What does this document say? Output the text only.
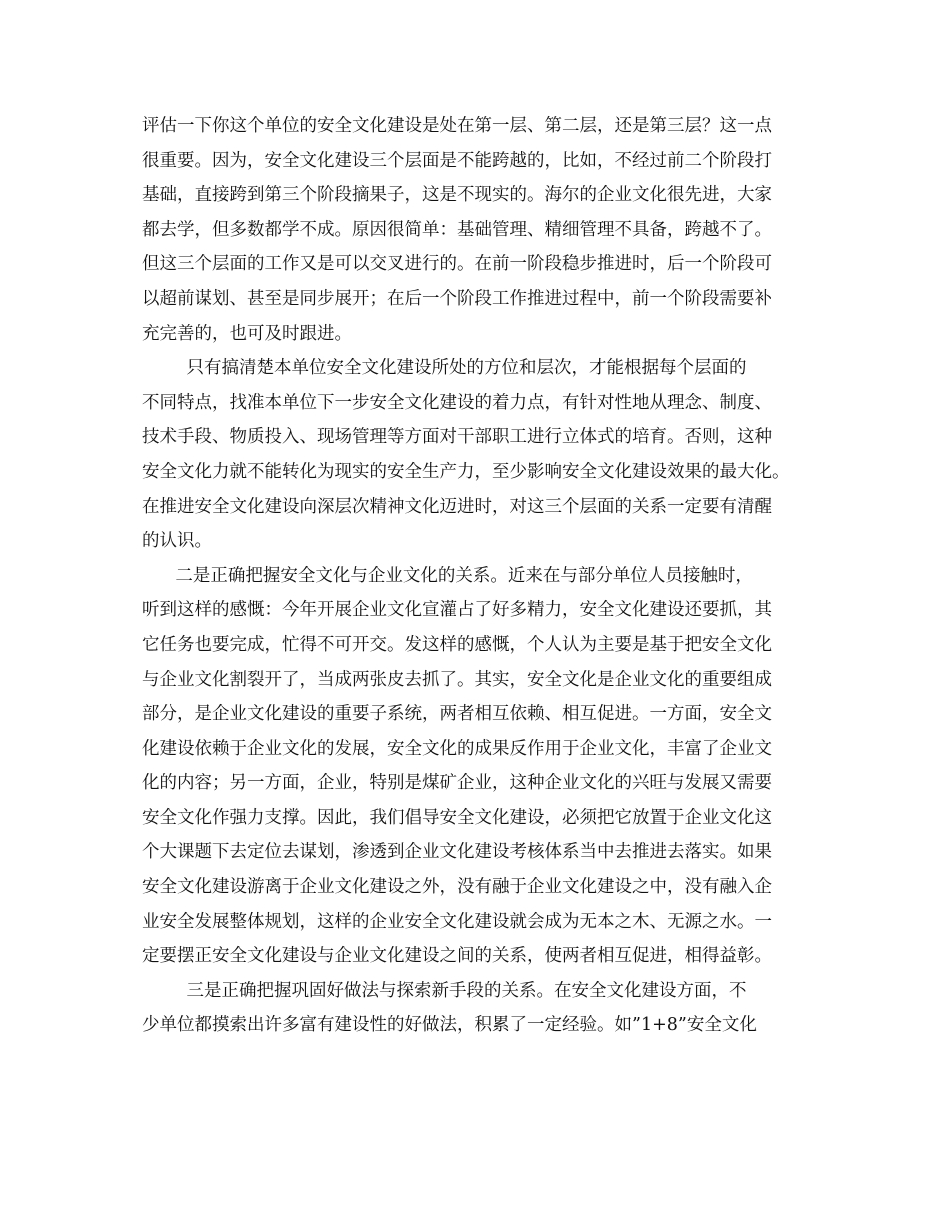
评估一下你这个单位的安全文化建设是处在第一层、第二层，还是第三层？这一点
很重要。因为，安全文化建设三个层面是不能跨越的，比如，不经过前二个阶段打
基础，直接跨到第三个阶段摘果子，这是不现实的。海尔的企业文化很先进，大家
都去学，但多数都学不成。原因很简单：基础管理、精细管理不具备，跨越不了。
但这三个层面的工作又是可以交叉进行的。在前一阶段稳步推进时，后一个阶段可
以超前谋划、甚至是同步展开；在后一个阶段工作推进过程中，前一个阶段需要补
充完善的，也可及时跟进。

只有搞清楚本单位安全文化建设所处的方位和层次，才能根据每个层面的
不同特点，找准本单位下一步安全文化建设的着力点，有针对性地从理念、制度、
技术手段、物质投入、现场管理等方面对干部职工进行立体式的培育。否则，这种
安全文化力就不能转化为现实的安全生产力，至少影响安全文化建设效果的最大化。
在推进安全文化建设向深层次精神文化迈进时，对这三个层面的关系一定要有清醒
的认识。

二是正确把握安全文化与企业文化的关系。近来在与部分单位人员接触时，
听到这样的感慨：今年开展企业文化宣灌占了好多精力，安全文化建设还要抓，其
它任务也要完成，忙得不可开交。发这样的感慨，个人认为主要是基于把安全文化
与企业文化割裂开了，当成两张皮去抓了。其实，安全文化是企业文化的重要组成
部分，是企业文化建设的重要子系统，两者相互依赖、相互促进。一方面，安全文
化建设依赖于企业文化的发展，安全文化的成果反作用于企业文化，丰富了企业文
化的内容；另一方面，企业，特别是煤矿企业，这种企业文化的兴旺与发展又需要
安全文化作强力支撑。因此，我们倡导安全文化建设，必须把它放置于企业文化这
个大课题下去定位去谋划，渗透到企业文化建设考核体系当中去推进去落实。如果
安全文化建设游离于企业文化建设之外，没有融于企业文化建设之中，没有融入企
业安全发展整体规划，这样的企业安全文化建设就会成为无本之木、无源之水。一
定要摆正安全文化建设与企业文化建设之间的关系，使两者相互促进，相得益彰。

三是正确把握巩固好做法与探索新手段的关系。在安全文化建设方面，不
少单位都摸索出许多富有建设性的好做法，积累了一定经验。如”1+8”安全文化
